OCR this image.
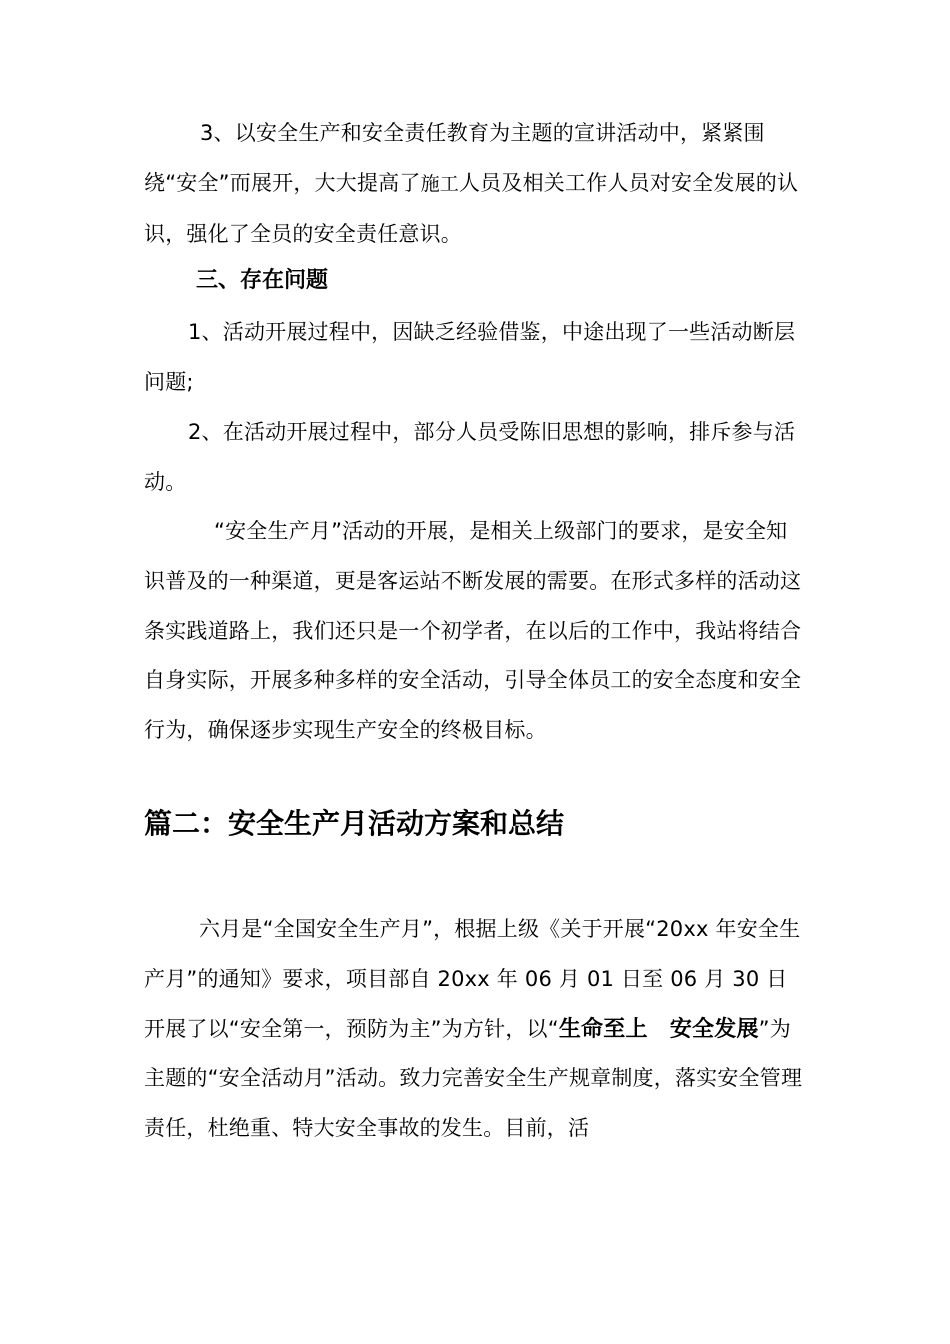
3、以安全生产和安全责任教育为主题的宣讲活动中，紧紧围绕“安全”而展开，大大提高了施工人员及相关工作人员对安全发展的认识，强化了全员的安全责任意识。

三、存在问题

1、活动开展过程中，因缺乏经验借鉴，中途出现了一些活动断层问题;

2、在活动开展过程中，部分人员受陈旧思想的影响，排斥参与活动。

“安全生产月”活动的开展，是相关上级部门的要求，是安全知识普及的一种渠道，更是客运站不断发展的需要。在形式多样的活动这条实践道路上，我们还只是一个初学者，在以后的工作中，我站将结合自身实际，开展多种多样的安全活动，引导全体员工的安全态度和安全行为，确保逐步实现生产安全的终极目标。

篇二：安全生产月活动方案和总结

六月是“全国安全生产月”，根据上级《关于开展“20xx 年安全生产月”的通知》要求，项目部自 20xx 年 06 月 01 日至 06 月 30 日开展了以“安全第一，预防为主”为方针，以“生命至上　安全发展”为主题的“安全活动月”活动。致力完善安全生产规章制度，落实安全管理责任，杜绝重、特大安全事故的发生。目前，活
